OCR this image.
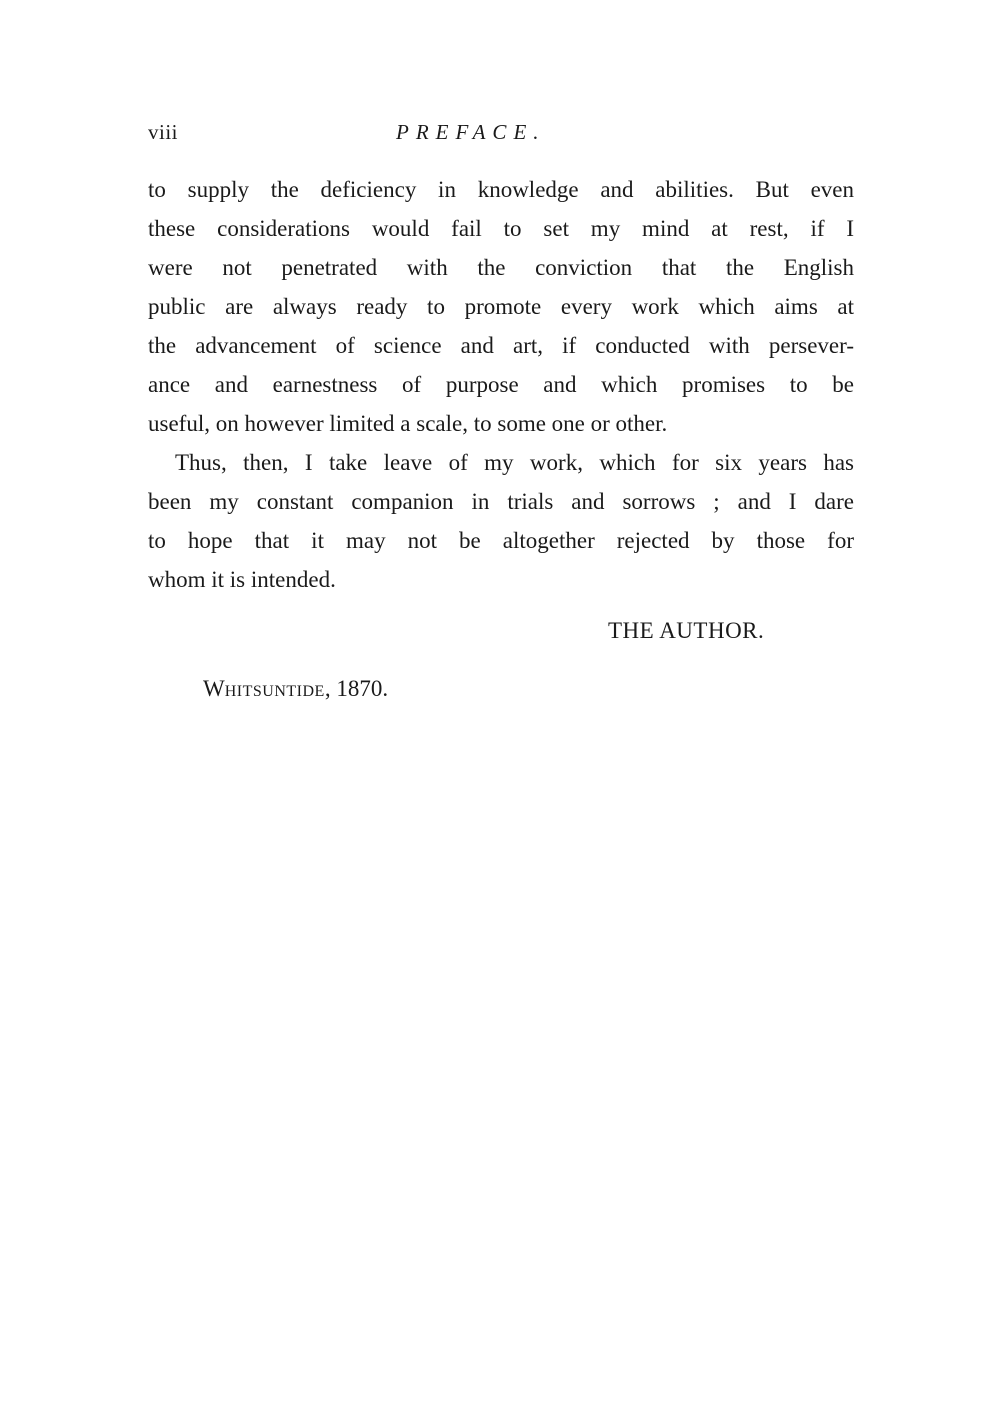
viii	PREFACE.
to supply the deficiency in knowledge and abilities. But even
these considerations would fail to set my mind at rest, if I
were not penetrated with the conviction that the English
public are always ready to promote every work which aims at
the advancement of science and art, if conducted with persever-
ance and earnestness of purpose and which promises to be
useful, on however limited a scale, to some one or other.
Thus, then, I take leave of my work, which for six years has
been my constant companion in trials and sorrows ; and I dare
to hope that it may not be altogether rejected by those for
whom it is intended.
THE AUTHOR.
WHITSUNTIDE, 1870.
